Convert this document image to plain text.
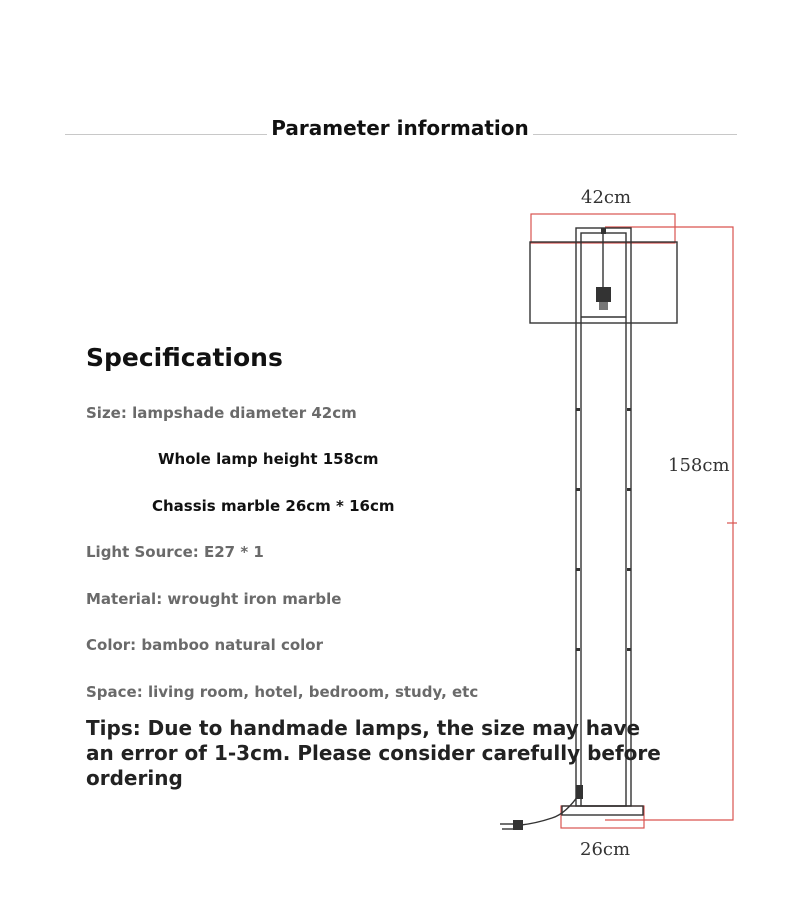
Parameter information
Specifications
Size: lampshade diameter 42cm
Whole lamp height 158cm
Chassis marble 26cm * 16cm
Light Source: E27 * 1
Material: wrought iron marble
Color: bamboo natural color
Space: living room, hotel, bedroom, study, etc
42cm
158cm
26cm
Tips: Due to handmade lamps, the size may have an error of 1-3cm. Please consider carefully before ordering
